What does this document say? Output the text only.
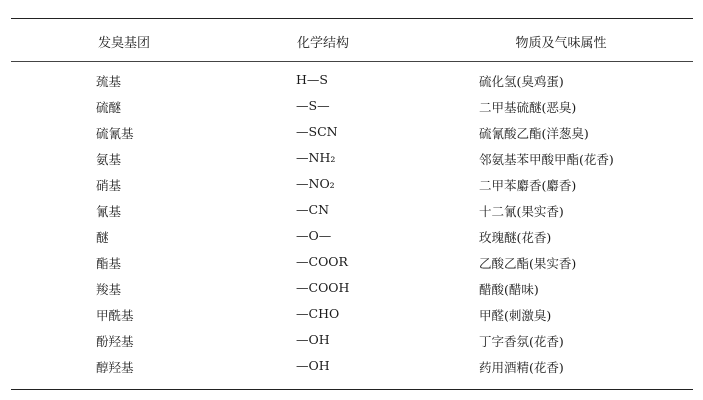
发臭基团	化学结构	物质及气味属性
巯基	H—S	硫化氢(臭鸡蛋)
硫醚	—S—	二甲基硫醚(恶臭)
硫氰基	—SCN	硫氰酸乙酯(洋葱臭)
氨基	—NH₂	邻氨基苯甲酸甲酯(花香)
硝基	—NO₂	二甲苯麝香(麝香)
氰基	—CN	十二氰(果实香)
醚	—O—	玫瑰醚(花香)
酯基	—COOR	乙酸乙酯(果实香)
羧基	—COOH	醋酸(醋味)
甲酰基	—CHO	甲醛(刺激臭)
酚羟基	—OH	丁字香氛(花香)
醇羟基	—OH	药用酒精(花香)
